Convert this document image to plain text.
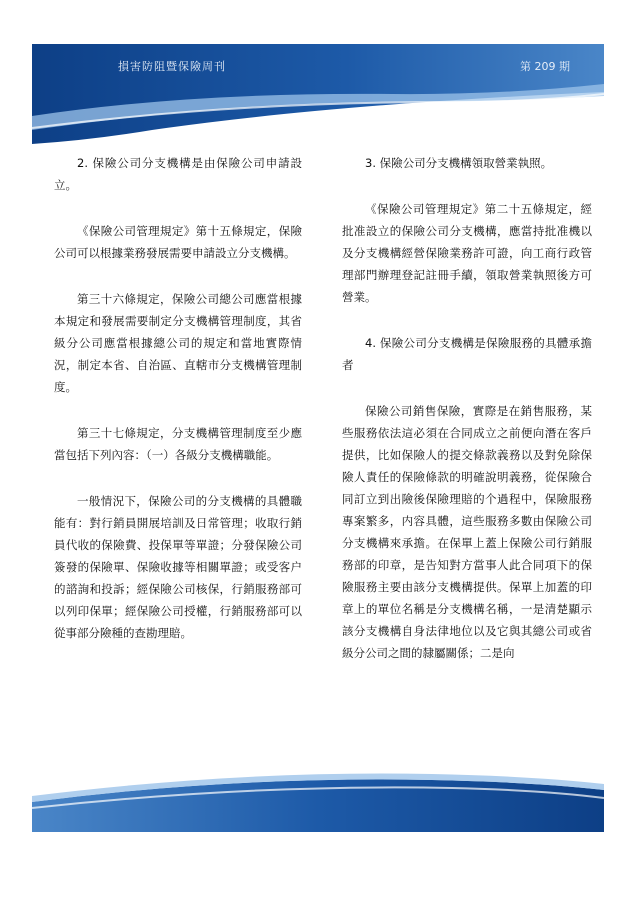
損害防阻暨保險周刊	第 209 期

2. 保險公司分支機構是由保險公司申請設立。

《保險公司管理規定》第十五條規定，保險公司可以根據業務發展需要申請設立分支機構。

第三十六條規定，保險公司總公司應當根據本規定和發展需要制定分支機構管理制度，其省級分公司應當根據總公司的規定和當地實際情況，制定本省、自治區、直轄市分支機構管理制度。

第三十七條規定，分支機構管理制度至少應當包括下列內容：（一）各級分支機構職能。

一般情況下，保險公司的分支機構的具體職能有：對行銷員開展培訓及日常管理；收取行銷員代收的保險費、投保單等單證；分發保險公司簽發的保險單、保險收據等相關單證；或受客户的諮詢和投訴；經保險公司核保，行銷服務部可以列印保單；經保險公司授權，行銷服務部可以從事部分險種的查勘理賠。

3. 保險公司分支機構領取營業執照。

《保險公司管理規定》第二十五條規定，經批准設立的保險公司分支機構，應當持批准機以及分支機構經營保險業務許可證，向工商行政管理部門辦理登記註冊手續，領取營業執照後方可營業。

4. 保險公司分支機構是保險服務的具體承擔者

保險公司銷售保險，實際是在銷售服務，某些服務依法這必須在合同成立之前便向潛在客戶提供，比如保險人的提交條款義務以及對免除保險人責任的保險條款的明確說明義務，從保險合同訂立到出險後保險理賠的个過程中，保險服務專案繁多，内容具體，這些服務多數由保險公司分支機構來承擔。在保單上蓋上保險公司行銷服務部的印章，是告知對方當事人此合同項下的保險服務主要由該分支機構提供。保單上加蓋的印章上的單位名稱是分支機構名稱，一是清楚顯示該分支機構自身法律地位以及它與其總公司或省級分公司之間的隸屬關係；二是向
